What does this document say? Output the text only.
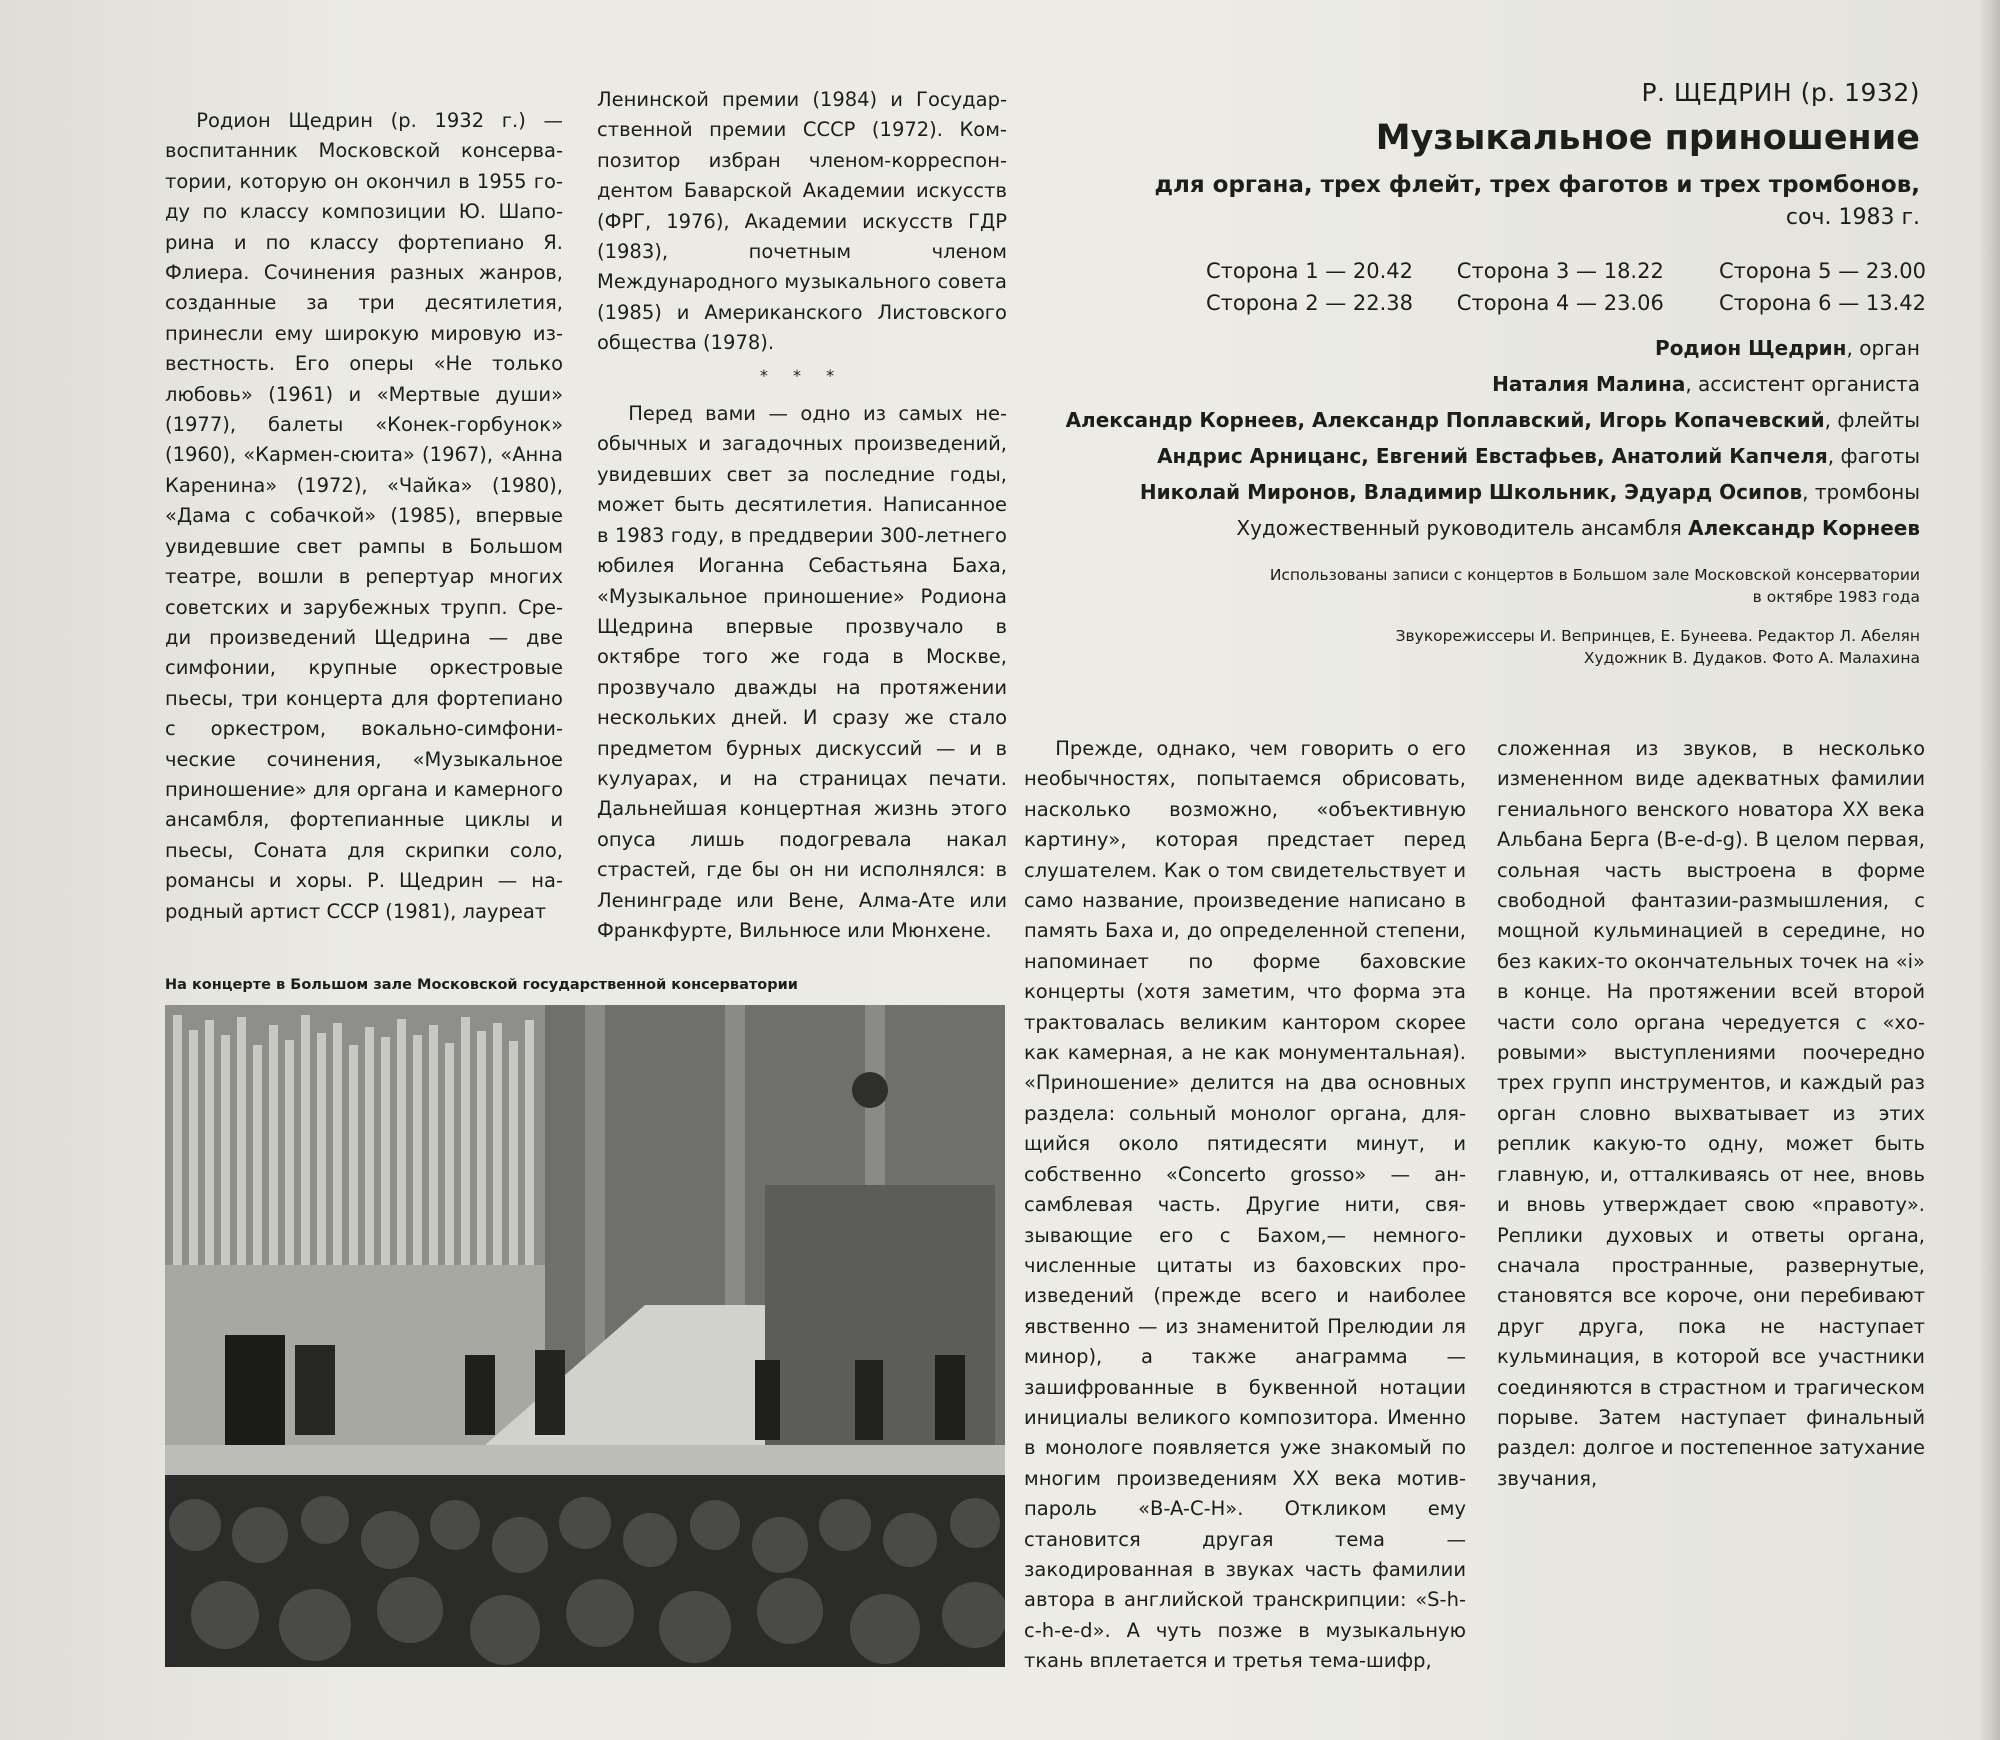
Р. ЩЕДРИН (р. 1932)
Музыкальное приношение
для органа, трех флейт, трех фаготов и трех тромбонов,
соч. 1983 г.
Сторона 1 — 20.42	Сторона 3 — 18.22	Сторона 5 — 23.00
Сторона 2 — 22.38	Сторона 4 — 23.06	Сторона 6 — 13.42
Родион Щедрин, орган
Наталия Малина, ассистент органиста
Александр Корнеев, Александр Поплавский, Игорь Копачевский, флейты
Андрис Арницанс, Евгений Евстафьев, Анатолий Капчеля, фаготы
Николай Миронов, Владимир Школьник, Эдуард Осипов, тромбоны
Художественный руководитель ансамбля Александр Корнеев
Использованы записи с концертов в Большом зале Московской консерватории
в октябре 1983 года
Звукорежиссеры И. Вепринцев, Е. Бунеева. Редактор Л. Абелян
Художник В. Дудаков. Фото А. Малахина

Родион Щедрин (р. 1932 г.) — воспитанник Московской консерватории, которую он окончил в 1955 году по классу композиции Ю. Шапорина и по классу фортепиано Я. Флиера. Сочинения разных жанров, созданные за три десятилетия, принесли ему широкую мировую известность. Его оперы «Не только любовь» (1961) и «Мертвые души» (1977), балеты «Конек-горбунок» (1960), «Кармен-сюита» (1967), «Анна Каренина» (1972), «Чайка» (1980), «Дама с собачкой» (1985), впервые увидевшие свет рампы в Большом театре, вошли в репертуар многих советских и зарубежных трупп. Среди произведений Щедрина — две симфонии, крупные оркестровые пьесы, три концерта для фортепиано с оркестром, вокально-симфонические сочинения, «Музыкальное приношение» для органа и камерного ансамбля, фортепианные циклы и пьесы, Соната для скрипки соло, романсы и хоры. Р. Щедрин — народный артист СССР (1981), лауреат

Ленинской премии (1984) и Государственной премии СССР (1972). Композитор избран членом-корреспондентом Баварской Академии искусств (ФРГ, 1976), Академии искусств ГДР (1983), почетным членом Международного музыкального совета (1985) и Американского Листовского общества (1978).

* * *

Перед вами — одно из самых необычных и загадочных произведений, увидевших свет за последние годы, может быть десятилетия. Написанное в 1983 году, в преддверии 300-летнего юбилея Иоганна Себастьяна Баха, «Музыкальное приношение» Родиона Щедрина впервые прозвучало в октябре того же года в Москве, прозвучало дважды на протяжении нескольких дней. И сразу же стало предметом бурных дискуссий — и в кулуарах, и на страницах печати. Дальнейшая концертная жизнь этого опуса лишь подогревала накал страстей, где бы он ни исполнялся: в Ленинграде или Вене, Алма-Ате или Франкфурте, Вильнюсе или Мюнхене.

Прежде, однако, чем говорить о его необычностях, попытаемся обрисовать, насколько возможно, «объективную картину», которая предстает перед слушателем. Как о том свидетельствует и само название, произведение написано в память Баха и, до определенной степени, напоминает по форме баховские концерты (хотя заметим, что форма эта трактовалась великим кантором скорее как камерная, а не как монументальная). «Приношение» делится на два основных раздела: сольный монолог органа, длящийся около пятидесяти минут, и собственно «Concerto grosso» — ансамблевая часть. Другие нити, связывающие его с Бахом,— немногочисленные цитаты из баховских произведений (прежде всего и наиболее явственно — из знаменитой Прелюдии ля минор), а также анаграмма — зашифрованные в буквенной нотации инициалы великого композитора. Именно в монологе появляется уже знакомый по многим произведениям XX века мотив-пароль «B-A-C-H». Откликом ему становится другая тема — закодированная в звуках часть фамилии автора в английской транскрипции: «S-h-c-h-e-d». А чуть позже в музыкальную ткань вплетается и третья тема-шифр,

сложенная из звуков, в несколько измененном виде адекватных фамилии гениального венского новатора XX века Альбана Берга (B-e-d-g). В целом первая, сольная часть выстроена в форме свободной фантазии-размышления, с мощной кульминацией в середине, но без каких-то окончательных точек на «i» в конце. На протяжении всей второй части соло органа чередуется с «хоровыми» выступлениями поочередно трех групп инструментов, и каждый раз орган словно выхватывает из этих реплик какую-то одну, может быть главную, и, отталкиваясь от нее, вновь и вновь утверждает свою «правоту». Реплики духовых и ответы органа, сначала пространные, развернутые, становятся все короче, они перебивают друг друга, пока не наступает кульминация, в которой все участники соединяются в страстном и трагическом порыве. Затем наступает финальный раздел: долгое и постепенное затухание звучания,

На концерте в Большом зале Московской государственной консерватории
